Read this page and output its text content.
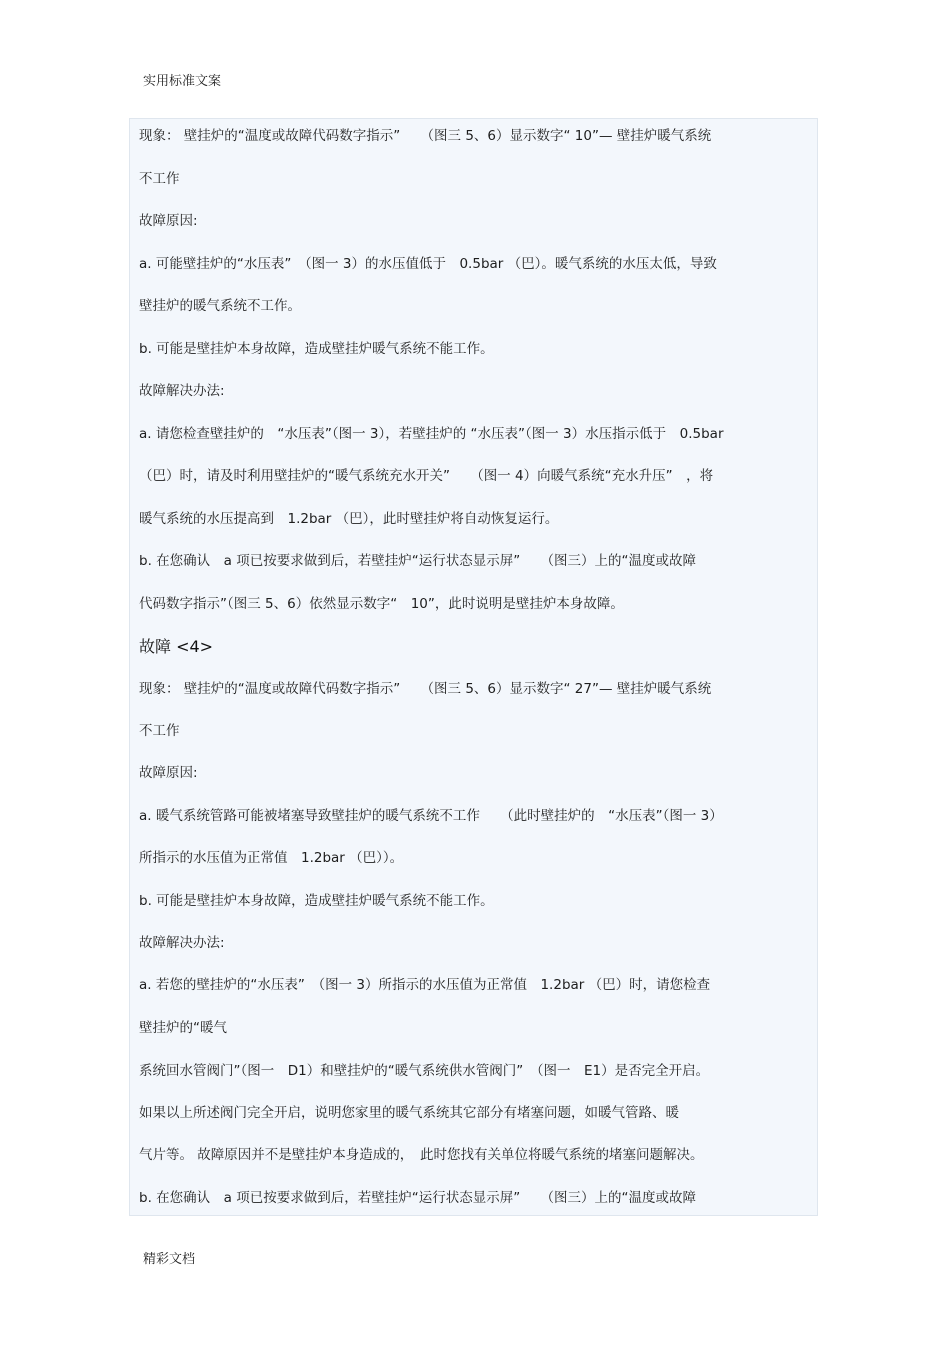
实用标准文案
现象： 壁挂炉的“温度或故障代码数字指示”　　（图三 5、6）显示数字“ 10”— 壁挂炉暖气系统
不工作
故障原因:
a. 可能壁挂炉的“水压表”　（图一 3）的水压值低于　0.5bar （巴）。暖气系统的水压太低，导致
壁挂炉的暖气系统不工作。
b. 可能是壁挂炉本身故障，造成壁挂炉暖气系统不能工作。
故障解决办法:
a. 请您检查壁挂炉的　“水压表”（图一 3），若壁挂炉的 “水压表”（图一 3）水压指示低于　0.5bar
（巴）时，请及时利用壁挂炉的“暖气系统充水开关”　　（图一 4）向暖气系统“充水升压”　，将
暖气系统的水压提高到　1.2bar （巴），此时壁挂炉将自动恢复运行。
b. 在您确认　a 项已按要求做到后，若壁挂炉“运行状态显示屏”　　（图三）上的“温度或故障
代码数字指示”（图三 5、6）依然显示数字“　10”，此时说明是壁挂炉本身故障。
故障 <4>
现象： 壁挂炉的“温度或故障代码数字指示”　　（图三 5、6）显示数字“ 27”— 壁挂炉暖气系统
不工作
故障原因:
a. 暖气系统管路可能被堵塞导致壁挂炉的暖气系统不工作　　（此时壁挂炉的　“水压表”（图一 3）
所指示的水压值为正常值　1.2bar （巴））。
b. 可能是壁挂炉本身故障，造成壁挂炉暖气系统不能工作。
故障解决办法:
a. 若您的壁挂炉的“水压表”　（图一 3）所指示的水压值为正常值　1.2bar （巴）时，请您检查
壁挂炉的“暖气
系统回水管阀门”（图一　D1）和壁挂炉的“暖气系统供水管阀门”　（图一　E1）是否完全开启。
如果以上所述阀门完全开启，说明您家里的暖气系统其它部分有堵塞问题，如暖气管路、暖
气片等。 故障原因并不是壁挂炉本身造成的，　此时您找有关单位将暖气系统的堵塞问题解决。
b. 在您确认　a 项已按要求做到后，若壁挂炉“运行状态显示屏”　　（图三）上的“温度或故障
精彩文档
